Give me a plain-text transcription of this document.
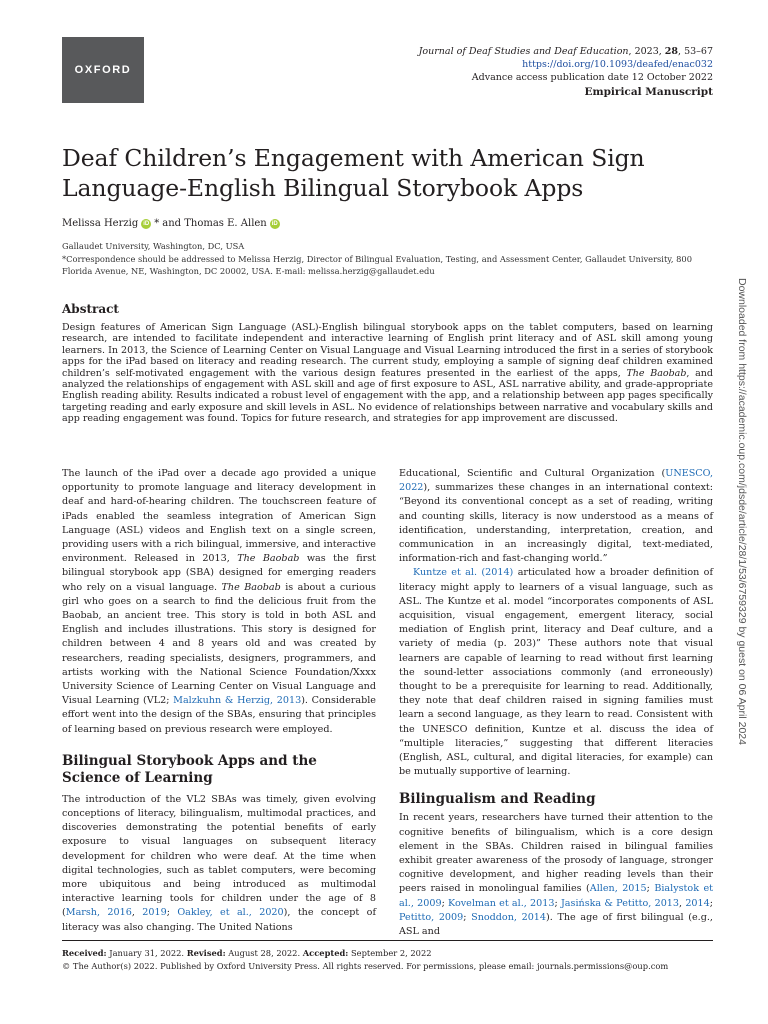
OXFORD
Journal of Deaf Studies and Deaf Education, 2023, 28, 53–67
https://doi.org/10.1093/deafed/enac032
Advance access publication date 12 October 2022
Empirical Manuscript
Deaf Children’s Engagement with American Sign Language-English Bilingual Storybook Apps
Melissa Herzig iD * and Thomas E. Allen iD
Gallaudet University, Washington, DC, USA
*Correspondence should be addressed to Melissa Herzig, Director of Bilingual Evaluation, Testing, and Assessment Center, Gallaudet University, 800 Florida Avenue, NE, Washington, DC 20002, USA. E-mail: melissa.herzig@gallaudet.edu
Abstract

Design features of American Sign Language (ASL)-English bilingual storybook apps on the tablet computers, based on learning research, are intended to facilitate independent and interactive learning of English print literacy and of ASL skill among young learners. In 2013, the Science of Learning Center on Visual Language and Visual Learning introduced the first in a series of storybook apps for the iPad based on literacy and reading research. The current study, employing a sample of signing deaf children examined children’s self-motivated engagement with the various design features presented in the earliest of the apps, The Baobab, and analyzed the relationships of engagement with ASL skill and age of first exposure to ASL, ASL narrative ability, and grade-appropriate English reading ability. Results indicated a robust level of engagement with the app, and a relationship between app pages specifically targeting reading and early exposure and skill levels in ASL. No evidence of relationships between narrative and vocabulary skills and app reading engagement was found. Topics for future research, and strategies for app improvement are discussed.

The launch of the iPad over a decade ago provided a unique opportunity to promote language and literacy development in deaf and hard-of-hearing children. The touchscreen feature of iPads enabled the seamless integration of American Sign Language (ASL) videos and English text on a single screen, providing users with a rich bilingual, immersive, and interactive environment. Released in 2013, The Baobab was the first bilingual storybook app (SBA) designed for emerging readers who rely on a visual language. The Baobab is about a curious girl who goes on a search to find the delicious fruit from the Baobab, an ancient tree. This story is told in both ASL and English and includes illustrations. This story is designed for children between 4 and 8 years old and was created by researchers, reading specialists, designers, programmers, and artists working with the National Science Foundation/Xxxx University Science of Learning Center on Visual Language and Visual Learning (VL2; Malzkuhn & Herzig, 2013). Considerable effort went into the design of the SBAs, ensuring that principles of learning based on previous research were employed.

Bilingual Storybook Apps and the Science of Learning

The introduction of the VL2 SBAs was timely, given evolving conceptions of literacy, bilingualism, multimodal practices, and discoveries demonstrating the potential benefits of early exposure to visual languages on subsequent literacy development for children who were deaf. At the time when digital technologies, such as tablet computers, were becoming more ubiquitous and being introduced as multimodal interactive learning tools for children under the age of 8 (Marsh, 2016, 2019; Oakley, et al., 2020), the concept of literacy was also changing. The United Nations

Educational, Scientific and Cultural Organization (UNESCO, 2022), summarizes these changes in an international context: “Beyond its conventional concept as a set of reading, writing and counting skills, literacy is now understood as a means of identification, understanding, interpretation, creation, and communication in an increasingly digital, text-mediated, information-rich and fast-changing world.”

Kuntze et al. (2014) articulated how a broader definition of literacy might apply to learners of a visual language, such as ASL. The Kuntze et al. model “incorporates components of ASL acquisition, visual engagement, emergent literacy, social mediation of English print, literacy and Deaf culture, and a variety of media (p. 203)” These authors note that visual learners are capable of learning to read without first learning the sound-letter associations commonly (and erroneously) thought to be a prerequisite for learning to read. Additionally, they note that deaf children raised in signing families must learn a second language, as they learn to read. Consistent with the UNESCO definition, Kuntze et al. discuss the idea of “multiple literacies,” suggesting that different literacies (English, ASL, cultural, and digital literacies, for example) can be mutually supportive of learning.

Bilingualism and Reading

In recent years, researchers have turned their attention to the cognitive benefits of bilingualism, which is a core design element in the SBAs. Children raised in bilingual families exhibit greater awareness of the prosody of language, stronger cognitive development, and higher reading levels than their peers raised in monolingual families (Allen, 2015; Bialystok et al., 2009; Kovelman et al., 2013; Jasińska & Petitto, 2013, 2014; Petitto, 2009; Snoddon, 2014). The age of first bilingual (e.g., ASL and

Downloaded from https://academic.oup.com/jdsde/article/28/1/53/6759329 by guest on 06 April 2024
Received: January 31, 2022. Revised: August 28, 2022. Accepted: September 2, 2022
© The Author(s) 2022. Published by Oxford University Press. All rights reserved. For permissions, please email: journals.permissions@oup.com
